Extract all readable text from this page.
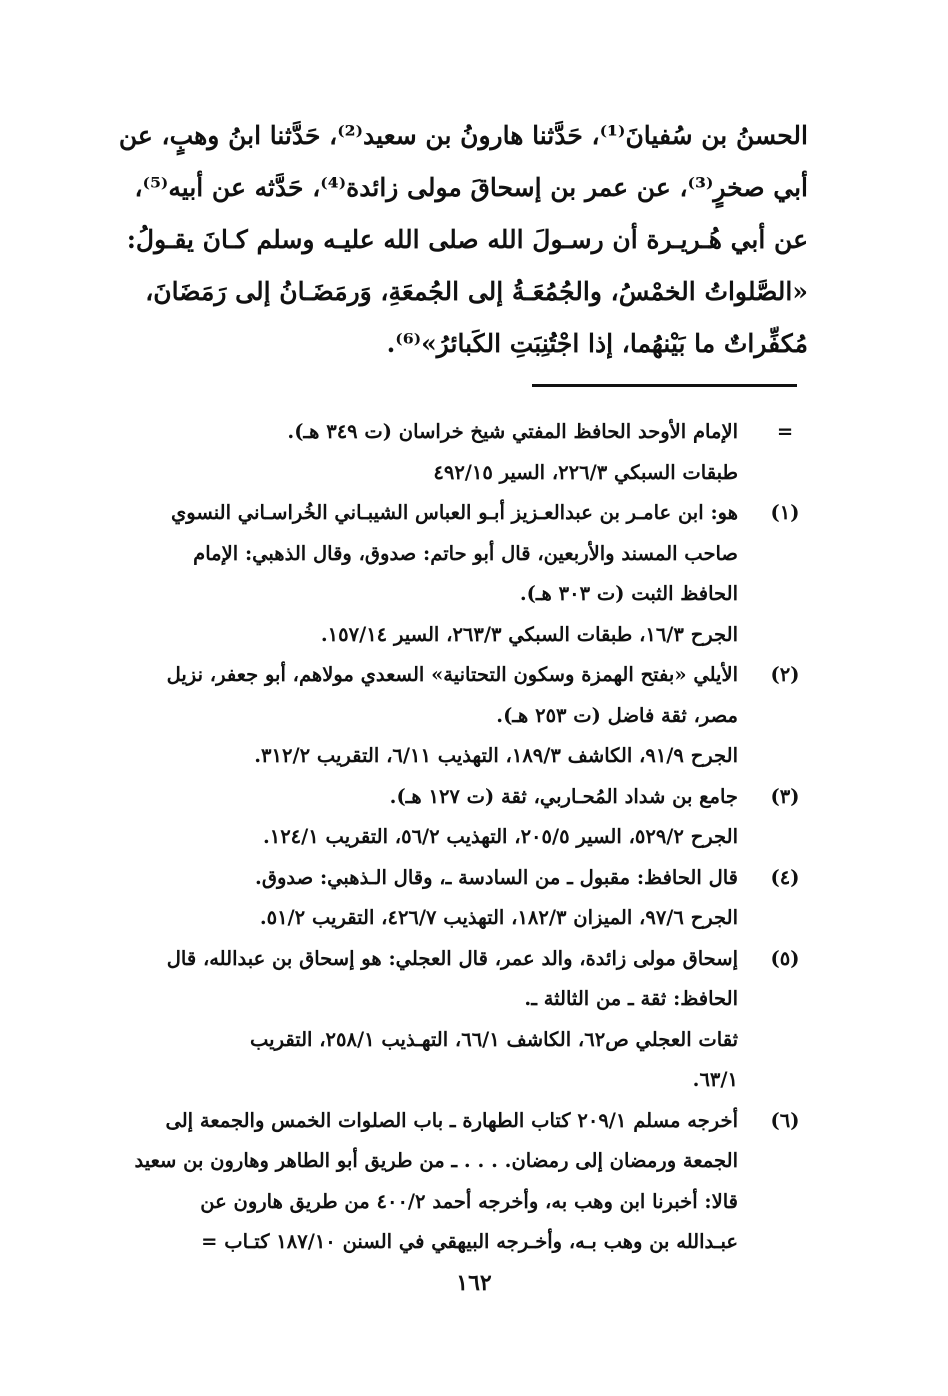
الحسنُ بن سُفيانَ⁽¹⁾، حَدَّثنا هارونُ بن سعيد⁽²⁾، حَدَّثنا ابنُ وهبٍ، عن

أبي صخرٍ⁽³⁾، عن عمر بن إسحاقَ مولى زائدة⁽⁴⁾، حَدَّثه عن أبيه⁽⁵⁾،

عن أبي هُـريـرة أن رسـولَ الله صلى الله عليـه وسلم كـانَ يقـولُ:

«الصَّلواتُ الخمْسُ، والجُمُعَـةُ إلى الجُمعَةِ، وَرمَضَـانُ إلى رَمَضَانَ،

مُكفِّراتٌ ما بَيْنهُما، إذا اجْتُنِبَتِ الكَبائرُ»⁽⁶⁾.

=
الإمام الأوحد الحافظ المفتي شيخ خراسان (ت ٣٤٩ هـ).
طبقات السبكي ٢٢٦/٣، السير ٤٩٢/١٥
(١)
هو: ابن عامـر بن عبدالعـزيز أبـو العباس الشيبـاني الخُراسـاني النسوي
صاحب المسند والأربعين، قال أبو حاتم: صدوق، وقال الذهبي: الإمام
الحافظ الثبت (ت ٣٠٣ هـ).
الجرح ١٦/٣، طبقات السبكي ٢٦٣/٣، السير ١٥٧/١٤.
(٢)
الأيلي «بفتح الهمزة وسكون التحتانية» السعدي مولاهم، أبو جعفر، نزيل
مصر، ثقة فاضل (ت ٢٥٣ هـ).
الجرح ٩١/٩، الكاشف ١٨٩/٣، التهذيب ٦/١١، التقريب ٣١٢/٢.
(٣)
جامع بن شداد المُحـاربي، ثقة (ت ١٢٧ هـ).
الجرح ٥٢٩/٢، السير ٢٠٥/٥، التهذيب ٥٦/٢، التقريب ١٢٤/١.
(٤)
قال الحافظ: مقبول ـ من السادسة ـ، وقال الـذهبي: صدوق.
الجرح ٩٧/٦، الميزان ١٨٢/٣، التهذيب ٤٢٦/٧، التقريب ٥١/٢.
(٥)
إسحاق مولى زائدة، والد عمر، قال العجلي: هو إسحاق بن عبدالله، قال
الحافظ: ثقة ـ من الثالثة ـ.
ثقات العجلي ص٦٢، الكاشف ٦٦/١، التهـذيب ٢٥٨/١، التقريب
٦٣/١.
(٦)
أخرجه مسلم ٢٠٩/١ كتاب الطهارة ـ باب الصلوات الخمس والجمعة إلى
الجمعة ورمضان إلى رمضان. . . . ـ من طريق أبو الطاهر وهارون بن سعيد
قالا: أخبرنا ابن وهب به، وأخرجه أحمد ٤٠٠/٢ من طريق هارون عن
عبـدالله بن وهب بـه، وأخـرجه البيهقي في السنن ١٨٧/١٠ كتـاب =
١٦٢
